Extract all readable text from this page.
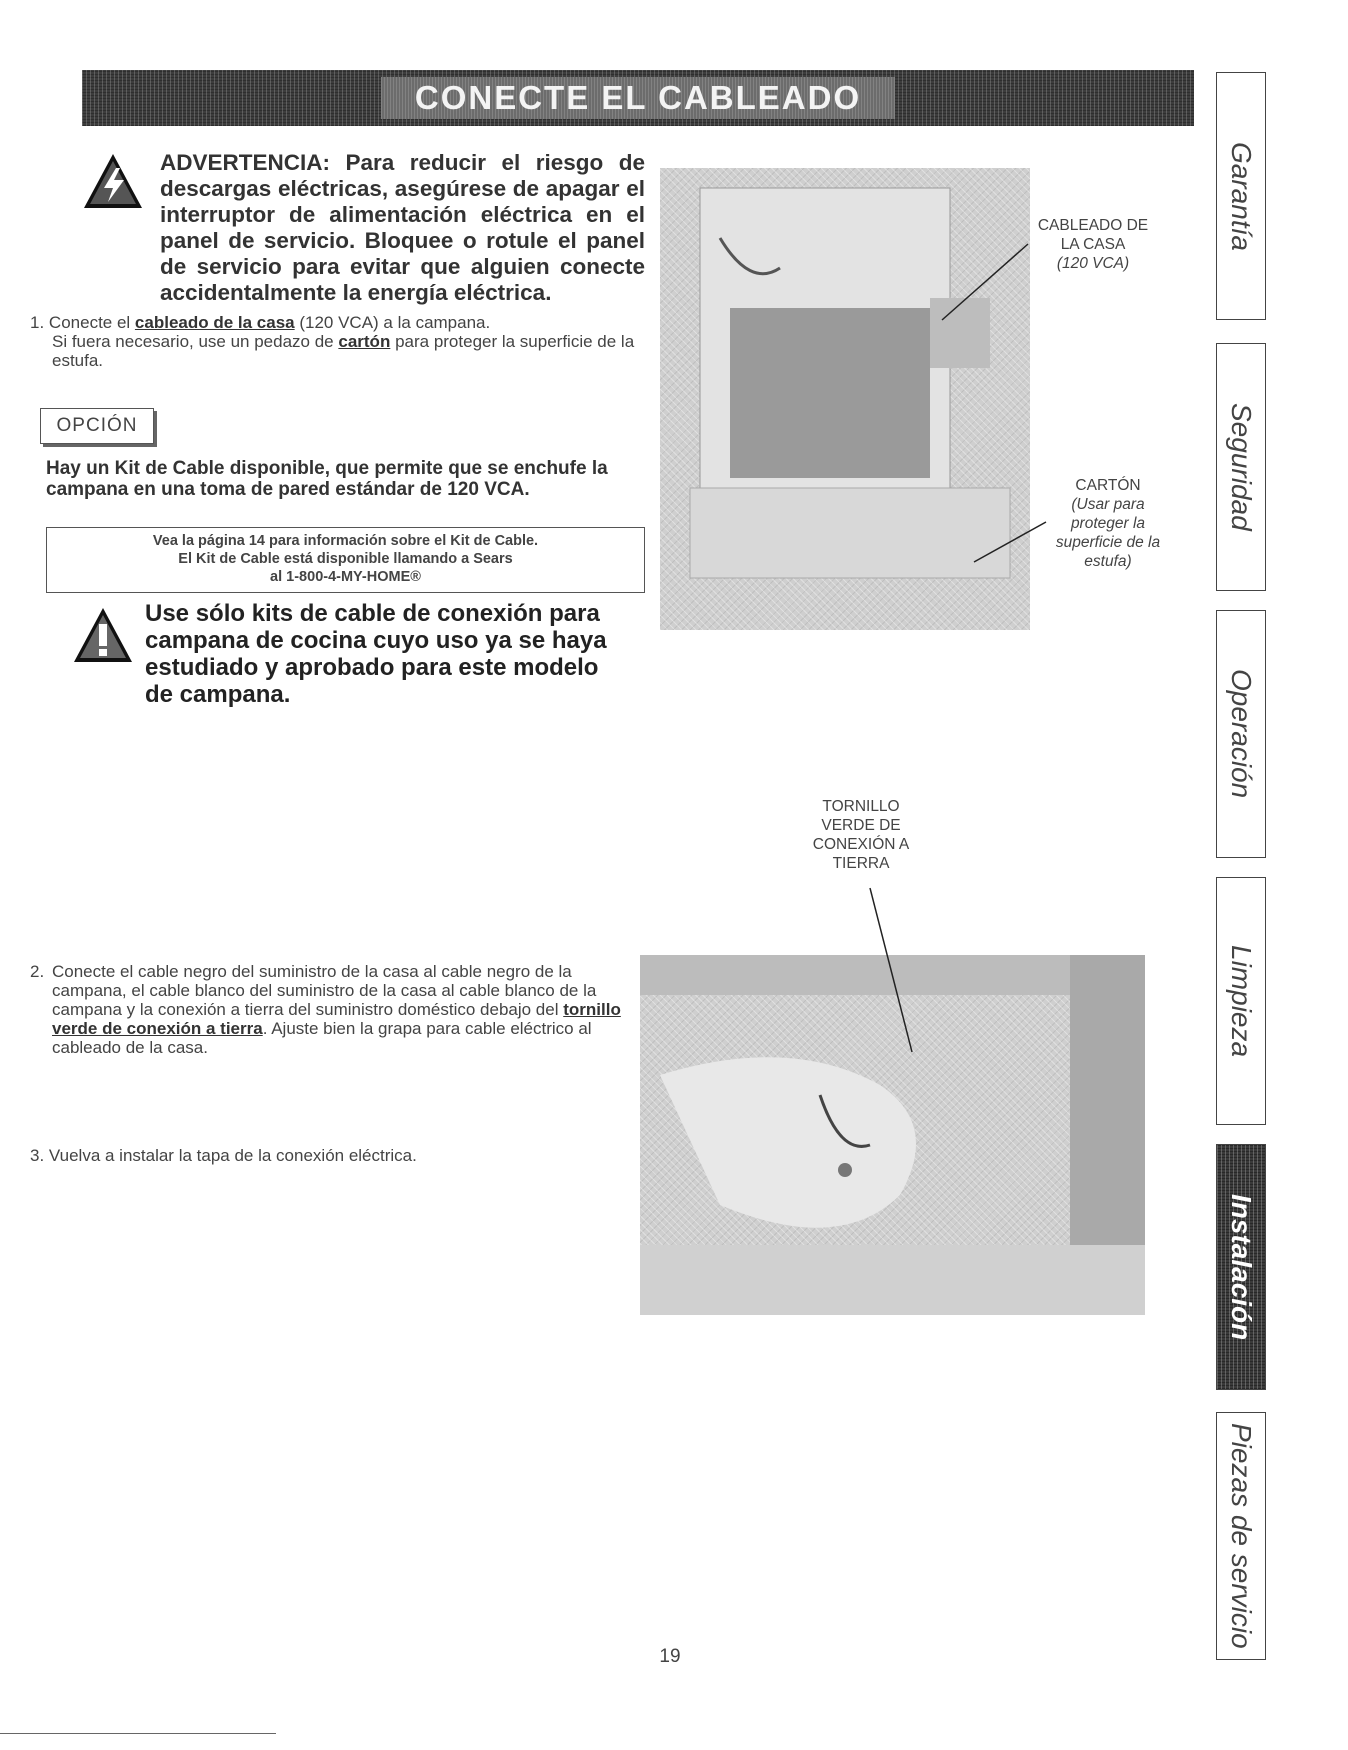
CONECTE EL CABLEADO
ADVERTENCIA: Para reducir el riesgo de descargas eléctricas, asegúrese de apagar el interruptor de alimentación eléctrica en el panel de servicio. Bloquee o rotule el panel de servicio para evitar que alguien conecte accidentalmente la energía eléctrica.
1. Conecte el cableado de la casa (120 VCA) a la campana.
Si fuera necesario, use un pedazo de cartón para proteger la superficie de la estufa.
OPCIÓN
Hay un Kit de Cable disponible, que permite que se enchufe la campana en una toma de pared estándar de 120 VCA.
Vea la página 14 para información sobre el Kit de Cable.
El Kit de Cable está disponible llamando a Sears
al 1-800-4-MY-HOME®
Use sólo kits de cable de conexión para campana de cocina cuyo uso ya se haya estudiado y aprobado para este modelo de campana.
2. Conecte el cable negro del suministro de la casa al cable negro de la campana, el cable blanco del suministro de la casa al cable blanco de la campana y la conexión a tierra del suministro doméstico debajo del tornillo verde de conexión a tierra. Ajuste bien la grapa para cable eléctrico al cableado de la casa.
3. Vuelva a instalar la tapa de la conexión eléctrica.
CABLEADO DE
LA CASA
(120 VCA)
CARTÓN
(Usar para
proteger la
superficie de la
estufa)
TORNILLO
VERDE DE
CONEXIÓN A
TIERRA
Garantía
Seguridad
Operación
Limpieza
Instalación
Piezas de servicio
19
